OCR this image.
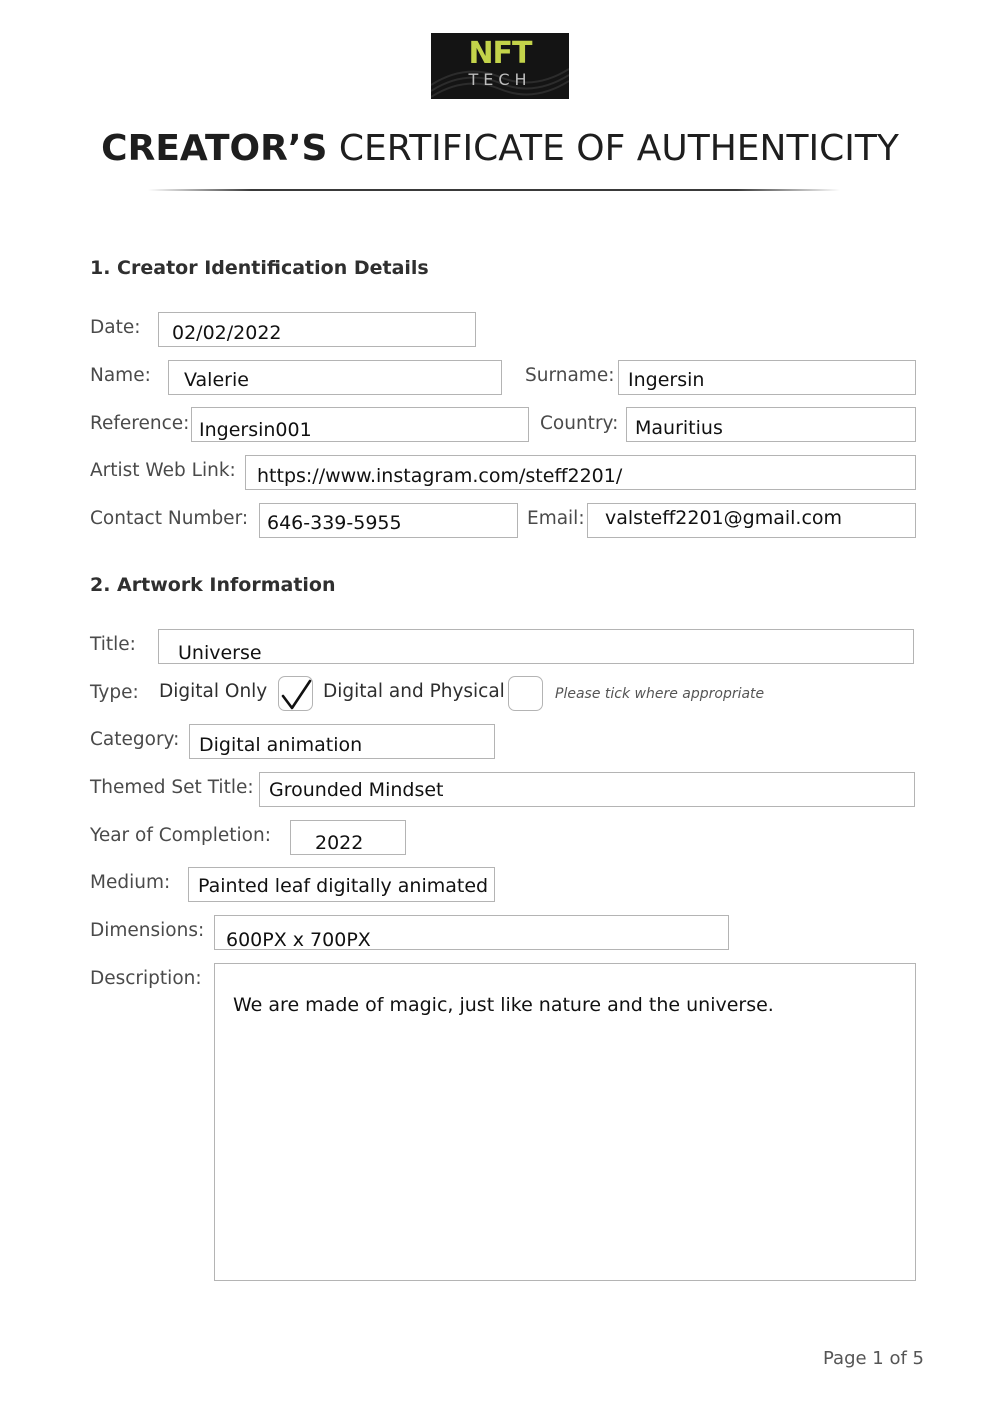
NFT
TECH
CREATOR’S CERTIFICATE OF AUTHENTICITY
1. Creator Identification Details
Date: 02/02/2022
Name: Valerie	Surname: Ingersin
Reference: Ingersin001	Country: Mauritius
Artist Web Link: https://www.instagram.com/steff2201/
Contact Number: 646-339-5955	Email: valsteff2201@gmail.com
2. Artwork Information
Title: Universe
Type: Digital Only	Digital and Physical	Please tick where appropriate
Category: Digital animation
Themed Set Title: Grounded Mindset
Year of Completion: 2022
Medium: Painted leaf digitally animated
Dimensions: 600PX x 700PX
Description:
We are made of magic, just like nature and the universe.
Page 1 of 5
